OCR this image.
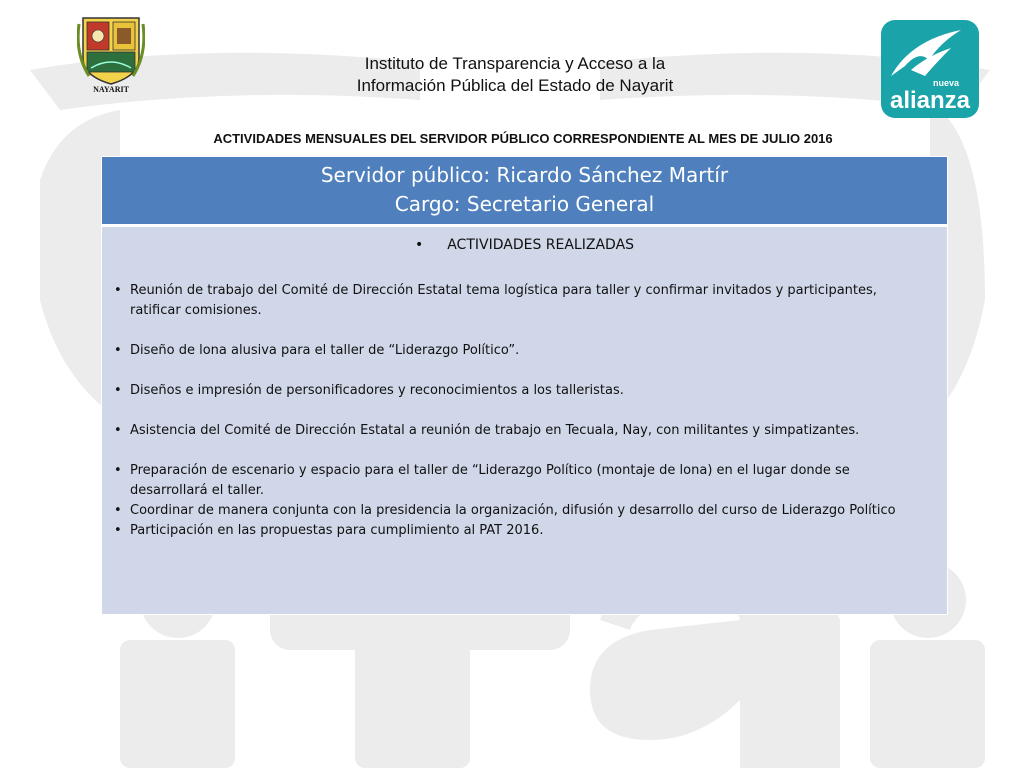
NAYARIT
nueva
alianza
Instituto de Transparencia y Acceso a la
Información Pública del Estado de Nayarit
ACTIVIDADES MENSUALES DEL SERVIDOR PÚBLICO CORRESPONDIENTE AL MES DE JULIO 2016
Servidor público: Ricardo Sánchez Martír
Cargo: Secretario General
• ACTIVIDADES REALIZADAS
• Reunión de trabajo del Comité de Dirección Estatal tema logística para taller y confirmar invitados y participantes, ratificar comisiones.
• Diseño de lona alusiva para el taller de “Liderazgo Político”.
• Diseños e impresión de personificadores y reconocimientos a los talleristas.
• Asistencia del Comité de Dirección Estatal a reunión de trabajo en Tecuala, Nay, con militantes y simpatizantes.
• Preparación de escenario y espacio para el taller de “Liderazgo Político (montaje de lona) en el lugar donde se desarrollará el taller.
• Coordinar de manera conjunta con la presidencia la organización, difusión y desarrollo del curso de Liderazgo Político
• Participación en las propuestas para cumplimiento al PAT 2016.
